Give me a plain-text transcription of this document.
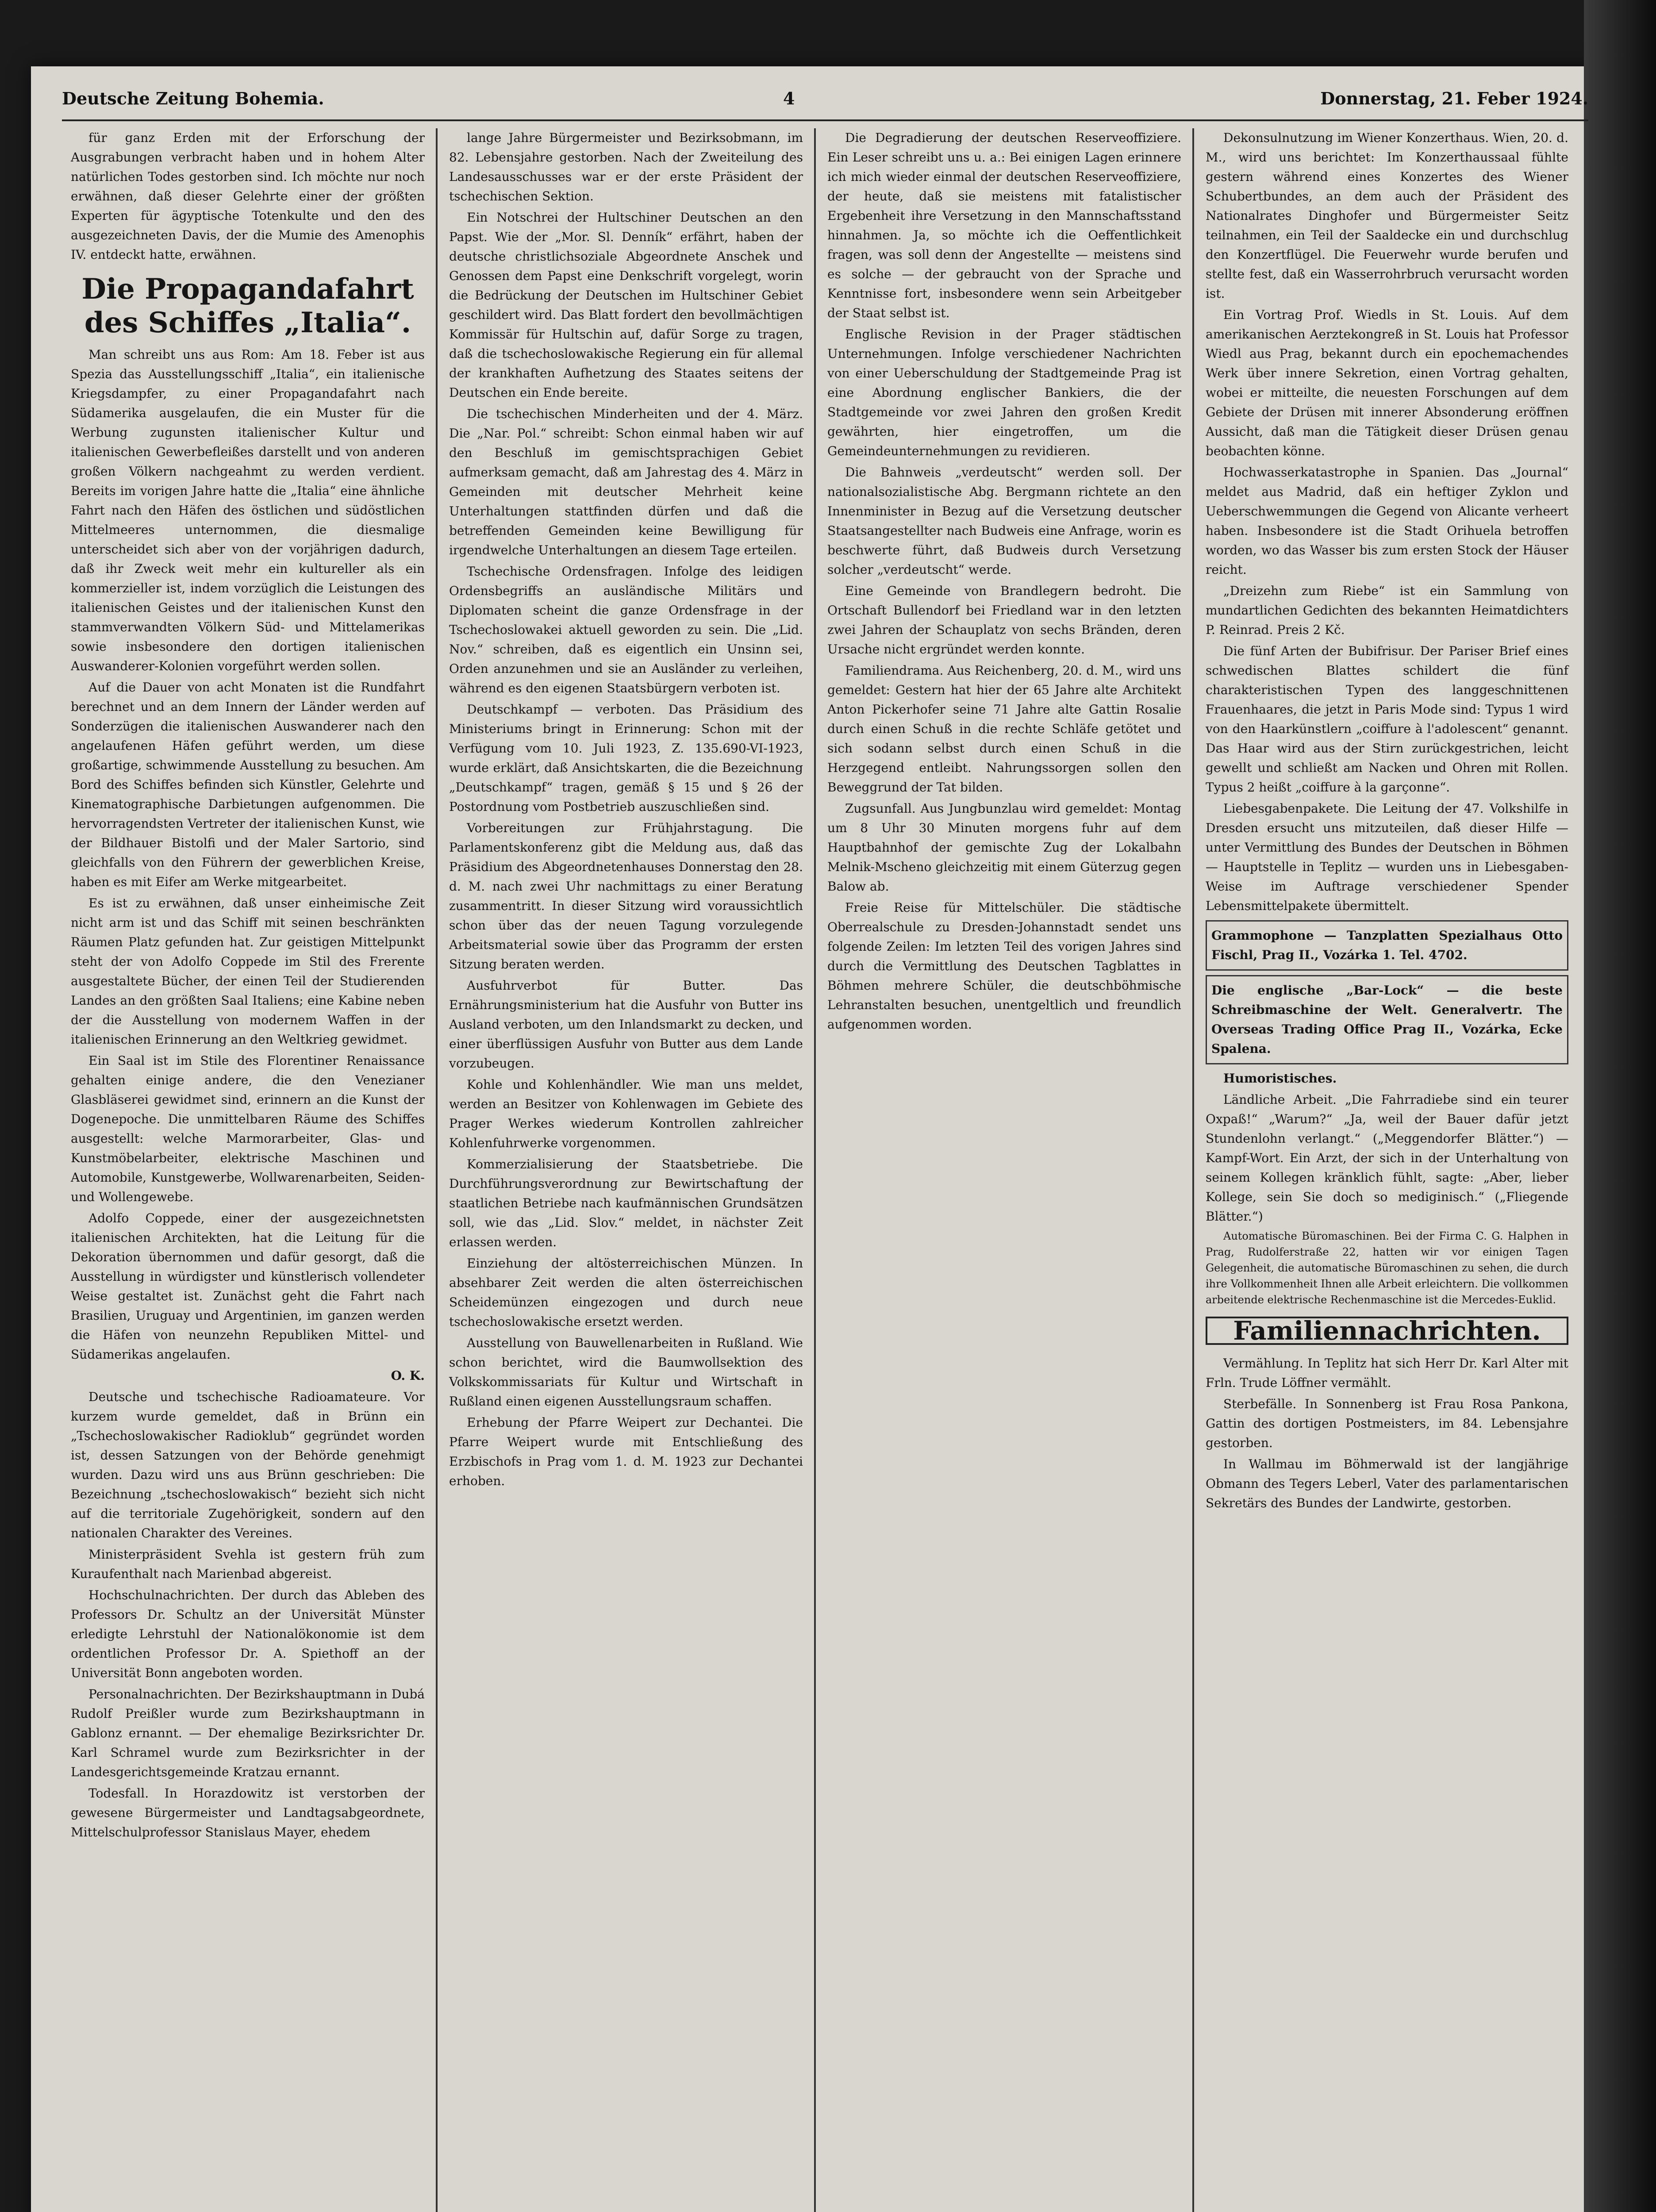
Deutsche Zeitung Bohemia.	4	Donnerstag, 21. Feber 1924.

für ganz Erden mit der Erforschung der Ausgrabungen verbracht haben und in hohem Alter natürlichen Todes gestorben sind. Ich möchte nur noch erwähnen, daß dieser Gelehrte einer der größten Experten für ägyptische Totenkulte und den des ausgezeichneten Davis, der die Mumie des Amenophis IV. entdeckt hatte, erwähnen.

Die Propagandafahrt des Schiffes „Italia“.

Man schreibt uns aus Rom: Am 18. Feber ist aus Spezia das Ausstellungsschiff „Italia“, ein italienische Kriegsdampfer, zu einer Propagandafahrt nach Südamerika ausgelaufen, die ein Muster für die Werbung zugunsten italienischer Kultur und italienischen Gewerbefleißes darstellt und von anderen großen Völkern nachgeahmt zu werden verdient. Bereits im vorigen Jahre hatte die „Italia“ eine ähnliche Fahrt nach den Häfen des östlichen und südöstlichen Mittelmeeres unternommen, die diesmalige unterscheidet sich aber von der vorjährigen dadurch, daß ihr Zweck weit mehr ein kultureller als ein kommerzieller ist, indem vorzüglich die Leistungen des italienischen Geistes und der italienischen Kunst den stammverwandten Völkern Süd- und Mittelamerikas sowie insbesondere den dortigen italienischen Auswanderer-Kolonien vorgeführt werden sollen.

Auf die Dauer von acht Monaten ist die Rundfahrt berechnet und an dem Innern der Länder werden auf Sonderzügen die italienischen Auswanderer nach den angelaufenen Häfen geführt werden, um diese großartige, schwimmende Ausstellung zu besuchen. Am Bord des Schiffes befinden sich Künstler, Gelehrte und Kinematographische Darbietungen aufgenommen. Die hervorragendsten Vertreter der italienischen Kunst, wie der Bildhauer Bistolfi und der Maler Sartorio, sind gleichfalls von den Führern der gewerblichen Kreise, haben es mit Eifer am Werke mitgearbeitet.

Es ist zu erwähnen, daß unser einheimische Zeit nicht arm ist und das Schiff mit seinen beschränkten Räumen Platz gefunden hat. Zur geistigen Mittelpunkt steht der von Adolfo Coppede im Stil des Frerente ausgestaltete Bücher, der einen Teil der Studierenden Landes an den größten Saal Italiens; eine Kabine neben der die Ausstellung von modernem Waffen in der italienischen Erinnerung an den Weltkrieg gewidmet.

Ein Saal ist im Stile des Florentiner Renaissance gehalten einige andere, die den Venezianer Glasbläserei gewidmet sind, erinnern an die Kunst der Dogenepoche. Die unmittelbaren Räume des Schiffes ausgestellt: welche Marmorarbeiter, Glas- und Kunstmöbelarbeiter, elektrische Maschinen und Automobile, Kunstgewerbe, Wollwarenarbeiten, Seiden- und Wollengewebe.

Adolfo Coppede, einer der ausgezeichnetsten italienischen Architekten, hat die Leitung für die Dekoration übernommen und dafür gesorgt, daß die Ausstellung in würdigster und künstlerisch vollendeter Weise gestaltet ist. Zunächst geht die Fahrt nach Brasilien, Uruguay und Argentinien, im ganzen werden die Häfen von neunzehn Republiken Mittel- und Südamerikas angelaufen.

O. K.

Deutsche und tschechische Radioamateure. Vor kurzem wurde gemeldet, daß in Brünn ein „Tschechoslowakischer Radioklub“ gegründet worden ist, dessen Satzungen von der Behörde genehmigt wurden. Dazu wird uns aus Brünn geschrieben: Die Bezeichnung „tschechoslowakisch“ bezieht sich nicht auf die territoriale Zugehörigkeit, sondern auf den nationalen Charakter des Vereines.

Ministerpräsident Svehla ist gestern früh zum Kuraufenthalt nach Marienbad abgereist.

Hochschulnachrichten. Der durch das Ableben des Professors Dr. Schultz an der Universität Münster erledigte Lehrstuhl der Nationalökonomie ist dem ordentlichen Professor Dr. A. Spiethoff an der Universität Bonn angeboten worden.

Personalnachrichten. Der Bezirkshauptmann in Dubá Rudolf Preißler wurde zum Bezirkshauptmann in Gablonz ernannt. — Der ehemalige Bezirksrichter Dr. Karl Schramel wurde zum Bezirksrichter in der Landesgerichtsgemeinde Kratzau ernannt.

Todesfall. In Horazdowitz ist verstorben der gewesene Bürgermeister und Landtagsabgeordnete, Mittelschulprofessor Stanislaus Mayer, ehedem

lange Jahre Bürgermeister und Bezirksobmann, im 82. Lebensjahre gestorben. Nach der Zweiteilung des Landesausschusses war er der erste Präsident der tschechischen Sektion.

Ein Notschrei der Hultschiner Deutschen an den Papst. Wie der „Mor. Sl. Denník“ erfährt, haben der deutsche christlichsoziale Abgeordnete Anschek und Genossen dem Papst eine Denkschrift vorgelegt, worin die Bedrückung der Deutschen im Hultschiner Gebiet geschildert wird. Das Blatt fordert den bevollmächtigen Kommissär für Hultschin auf, dafür Sorge zu tragen, daß die tschechoslowakische Regierung ein für allemal der krankhaften Aufhetzung des Staates seitens der Deutschen ein Ende bereite.

Die tschechischen Minderheiten und der 4. März. Die „Nar. Pol.“ schreibt: Schon einmal haben wir auf den Beschluß im gemischtsprachigen Gebiet aufmerksam gemacht, daß am Jahrestag des 4. März in Gemeinden mit deutscher Mehrheit keine Unterhaltungen stattfinden dürfen und daß die betreffenden Gemeinden keine Bewilligung für irgendwelche Unterhaltungen an diesem Tage erteilen.

Tschechische Ordensfragen. Infolge des leidigen Ordensbegriffs an ausländische Militärs und Diplomaten scheint die ganze Ordensfrage in der Tschechoslowakei aktuell geworden zu sein. Die „Lid. Nov.“ schreiben, daß es eigentlich ein Unsinn sei, Orden anzunehmen und sie an Ausländer zu verleihen, während es den eigenen Staatsbürgern verboten ist.

Deutschkampf — verboten. Das Präsidium des Ministeriums bringt in Erinnerung: Schon mit der Verfügung vom 10. Juli 1923, Z. 135.690-VI-1923, wurde erklärt, daß Ansichtskarten, die die Bezeichnung „Deutschkampf“ tragen, gemäß § 15 und § 26 der Postordnung vom Postbetrieb auszuschließen sind.

Vorbereitungen zur Frühjahrstagung. Die Parlamentskonferenz gibt die Meldung aus, daß das Präsidium des Abgeordnetenhauses Donnerstag den 28. d. M. nach zwei Uhr nachmittags zu einer Beratung zusammentritt. In dieser Sitzung wird voraussichtlich schon über das der neuen Tagung vorzulegende Arbeitsmaterial sowie über das Programm der ersten Sitzung beraten werden.

Ausfuhrverbot für Butter. Das Ernährungsministerium hat die Ausfuhr von Butter ins Ausland verboten, um den Inlandsmarkt zu decken, und einer überflüssigen Ausfuhr von Butter aus dem Lande vorzubeugen.

Kohle und Kohlenhändler. Wie man uns meldet, werden an Besitzer von Kohlenwagen im Gebiete des Prager Werkes wiederum Kontrollen zahlreicher Kohlenfuhrwerke vorgenommen.

Kommerzialisierung der Staatsbetriebe. Die Durchführungsverordnung zur Bewirtschaftung der staatlichen Betriebe nach kaufmännischen Grundsätzen soll, wie das „Lid. Slov.“ meldet, in nächster Zeit erlassen werden.

Einziehung der altösterreichischen Münzen. In absehbarer Zeit werden die alten österreichischen Scheidemünzen eingezogen und durch neue tschechoslowakische ersetzt werden.

Ausstellung von Bauwellenarbeiten in Rußland. Wie schon berichtet, wird die Baumwollsektion des Volkskommissariats für Kultur und Wirtschaft in Rußland einen eigenen Ausstellungsraum schaffen.

Erhebung der Pfarre Weipert zur Dechantei. Die Pfarre Weipert wurde mit Entschließung des Erzbischofs in Prag vom 1. d. M. 1923 zur Dechantei erhoben.

Die Degradierung der deutschen Reserveoffiziere. Ein Leser schreibt uns u. a.: Bei einigen Lagen erinnere ich mich wieder einmal der deutschen Reserveoffiziere, der heute, daß sie meistens mit fatalistischer Ergebenheit ihre Versetzung in den Mannschaftsstand hinnahmen. Ja, so möchte ich die Oeffentlichkeit fragen, was soll denn der Angestellte — meistens sind es solche — der gebraucht von der Sprache und Kenntnisse fort, insbesondere wenn sein Arbeitgeber der Staat selbst ist.

Englische Revision in der Prager städtischen Unternehmungen. Infolge verschiedener Nachrichten von einer Ueberschuldung der Stadtgemeinde Prag ist eine Abordnung englischer Bankiers, die der Stadtgemeinde vor zwei Jahren den großen Kredit gewährten, hier eingetroffen, um die Gemeindeunternehmungen zu revidieren.

Die Bahnweis „verdeutscht“ werden soll. Der nationalsozialistische Abg. Bergmann richtete an den Innenminister in Bezug auf die Versetzung deutscher Staatsangestellter nach Budweis eine Anfrage, worin es beschwerte führt, daß Budweis durch Versetzung solcher „verdeutscht“ werde.

Eine Gemeinde von Brandlegern bedroht. Die Ortschaft Bullendorf bei Friedland war in den letzten zwei Jahren der Schauplatz von sechs Bränden, deren Ursache nicht ergründet werden konnte.

Familiendrama. Aus Reichenberg, 20. d. M., wird uns gemeldet: Gestern hat hier der 65 Jahre alte Architekt Anton Pickerhofer seine 71 Jahre alte Gattin Rosalie durch einen Schuß in die rechte Schläfe getötet und sich sodann selbst durch einen Schuß in die Herzgegend entleibt. Nahrungssorgen sollen den Beweggrund der Tat bilden.

Zugsunfall. Aus Jungbunzlau wird gemeldet: Montag um 8 Uhr 30 Minuten morgens fuhr auf dem Hauptbahnhof der gemischte Zug der Lokalbahn Melnik-Mscheno gleichzeitig mit einem Güterzug gegen Balow ab.

Freie Reise für Mittelschüler. Die städtische Oberrealschule zu Dresden-Johannstadt sendet uns folgende Zeilen: Im letzten Teil des vorigen Jahres sind durch die Vermittlung des Deutschen Tagblattes in Böhmen mehrere Schüler, die deutschböhmische Lehranstalten besuchen, unentgeltlich und freundlich aufgenommen worden.

Dekonsulnutzung im Wiener Konzerthaus. Wien, 20. d. M., wird uns berichtet: Im Konzerthaussaal fühlte gestern während eines Konzertes des Wiener Schubertbundes, an dem auch der Präsident des Nationalrates Dinghofer und Bürgermeister Seitz teilnahmen, ein Teil der Saaldecke ein und durchschlug den Konzertflügel. Die Feuerwehr wurde berufen und stellte fest, daß ein Wasserrohrbruch verursacht worden ist.

Ein Vortrag Prof. Wiedls in St. Louis. Auf dem amerikanischen Aerztekongreß in St. Louis hat Professor Wiedl aus Prag, bekannt durch ein epochemachendes Werk über innere Sekretion, einen Vortrag gehalten, wobei er mitteilte, die neuesten Forschungen auf dem Gebiete der Drüsen mit innerer Absonderung eröffnen Aussicht, daß man die Tätigkeit dieser Drüsen genau beobachten könne.

Hochwasserkatastrophe in Spanien. Das „Journal“ meldet aus Madrid, daß ein heftiger Zyklon und Ueberschwemmungen die Gegend von Alicante verheert haben. Insbesondere ist die Stadt Orihuela betroffen worden, wo das Wasser bis zum ersten Stock der Häuser reicht.

„Dreizehn zum Riebe“ ist ein Sammlung von mundartlichen Gedichten des bekannten Heimatdichters P. Reinrad. Preis 2 Kč.

Die fünf Arten der Bubifrisur. Der Pariser Brief eines schwedischen Blattes schildert die fünf charakteristischen Typen des langgeschnittenen Frauenhaares, die jetzt in Paris Mode sind: Typus 1 wird von den Haarkünstlern „coiffure à l'adolescent“ genannt. Das Haar wird aus der Stirn zurückgestrichen, leicht gewellt und schließt am Nacken und Ohren mit Rollen. Typus 2 heißt „coiffure à la garçonne“.

Liebesgabenpakete. Die Leitung der 47. Volkshilfe in Dresden ersucht uns mitzuteilen, daß dieser Hilfe — unter Vermittlung des Bundes der Deutschen in Böhmen — Hauptstelle in Teplitz — wurden uns in Liebesgaben-Weise im Auftrage verschiedener Spender Lebensmittelpakete übermittelt.

Grammophone — Tanzplatten Spezialhaus Otto Fischl, Prag II., Vozárka 1. Tel. 4702.
Die englische „Bar-Lock“ — die beste Schreibmaschine der Welt. Generalvertr. The Overseas Trading Office Prag II., Vozárka, Ecke Spalena.

Humoristisches.

Ländliche Arbeit. „Die Fahrradiebe sind ein teurer Oxpaß!“ „Warum?“ „Ja, weil der Bauer dafür jetzt Stundenlohn verlangt.“ („Meggendorfer Blätter.“) — Kampf-Wort. Ein Arzt, der sich in der Unterhaltung von seinem Kollegen kränklich fühlt, sagte: „Aber, lieber Kollege, sein Sie doch so mediginisch.“ („Fliegende Blätter.“)

Automatische Büromaschinen. Bei der Firma C. G. Halphen in Prag, Rudolferstraße 22, hatten wir vor einigen Tagen Gelegenheit, die automatische Büromaschinen zu sehen, die durch ihre Vollkommenheit Ihnen alle Arbeit erleichtern. Die vollkommen arbeitende elektrische Rechenmaschine ist die Mercedes-Euklid.

Familiennachrichten.

Vermählung. In Teplitz hat sich Herr Dr. Karl Alter mit Frln. Trude Löffner vermählt.

Sterbefälle. In Sonnenberg ist Frau Rosa Pankona, Gattin des dortigen Postmeisters, im 84. Lebensjahre gestorben.

In Wallmau im Böhmerwald ist der langjährige Obmann des Tegers Leberl, Vater des parlamentarischen Sekretärs des Bundes der Landwirte, gestorben.
